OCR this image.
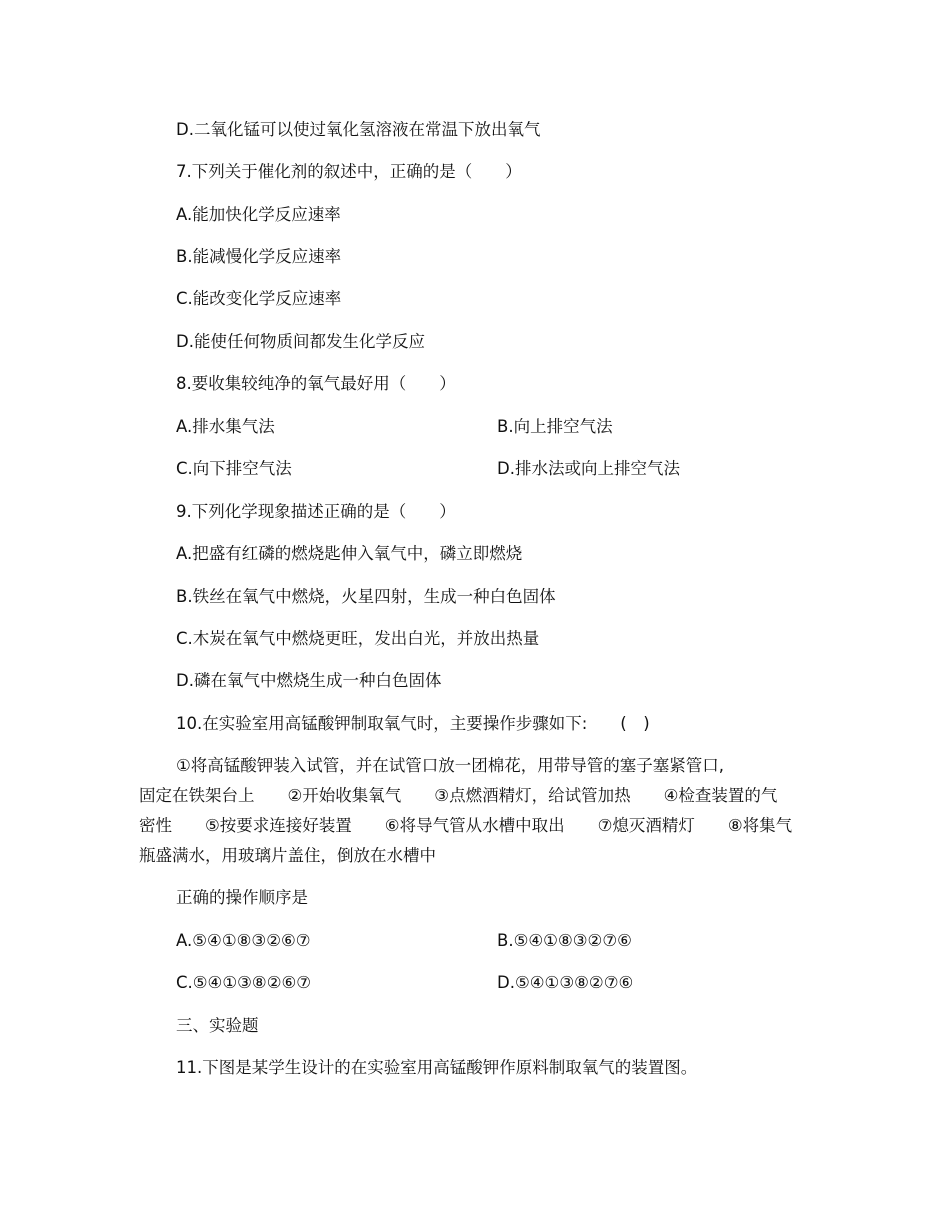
D.二氧化锰可以使过氧化氢溶液在常温下放出氧气
7.下列关于催化剂的叙述中，正确的是（　　）
A.能加快化学反应速率
B.能减慢化学反应速率
C.能改变化学反应速率
D.能使任何物质间都发生化学反应
8.要收集较纯净的氧气最好用（　　）
A.排水集气法	B.向上排空气法
C.向下排空气法	D.排水法或向上排空气法
9.下列化学现象描述正确的是（　　）
A.把盛有红磷的燃烧匙伸入氧气中，磷立即燃烧
B.铁丝在氧气中燃烧，火星四射，生成一种白色固体
C.木炭在氧气中燃烧更旺，发出白光，并放出热量
D.磷在氧气中燃烧生成一种白色固体
10.在实验室用高锰酸钾制取氧气时，主要操作步骤如下:　　(　)
①将高锰酸钾装入试管，并在试管口放一团棉花，用带导管的塞子塞紧管口,
固定在铁架台上　　②开始收集氧气　　③点燃酒精灯，给试管加热　　④检查装置的气
密性　　⑤按要求连接好装置　　⑥将导气管从水槽中取出　　⑦熄灭酒精灯　　⑧将集气
瓶盛满水，用玻璃片盖住，倒放在水槽中
正确的操作顺序是
A.⑤④①⑧③②⑥⑦	B.⑤④①⑧③②⑦⑥
C.⑤④①③⑧②⑥⑦	D.⑤④①③⑧②⑦⑥
三、实验题
11.下图是某学生设计的在实验室用高锰酸钾作原料制取氧气的装置图。
